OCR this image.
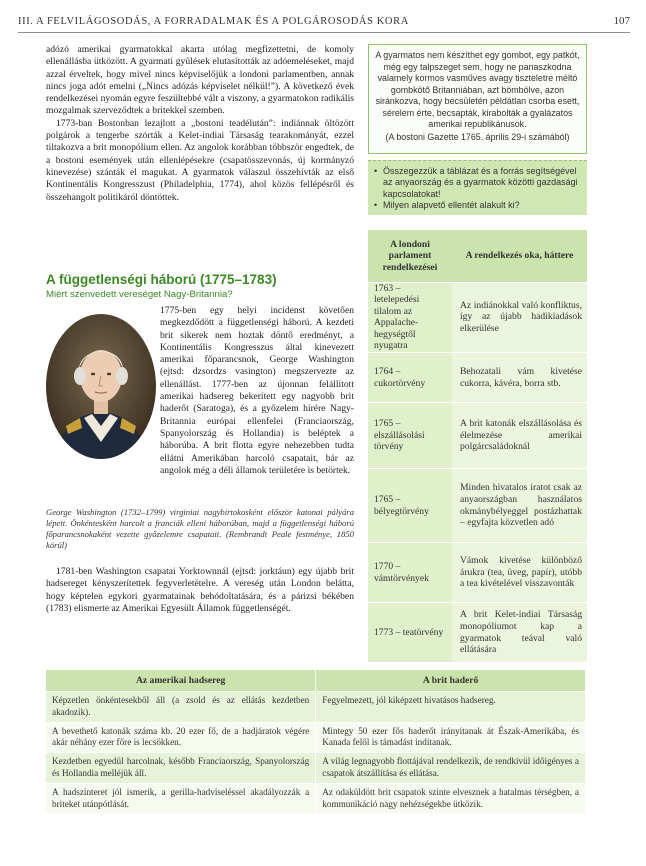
III. A FELVILÁGOSODÁS, A FORRADALMAK ÉS A POLGÁROSODÁS KORA	107

adózó amerikai gyarmatokkal akarta utólag megfizettetni, de komoly ellenállásba ütközött. A gyarmati gyűlések elutasították az adóemeléseket, majd azzal érveltek, hogy mivel nincs képviselőjük a londoni parlamentben, annak nincs joga adót emelni („Nincs adózás képviselet nélkül!”). A következő évek rendelkezései nyomán egyre feszültebbé vált a viszony, a gyarmatokon radikális mozgalmak szerveződtek a britekkel szemben.

1773-ban Bostonban lezajlott a „bostoni teadélután”: indiánnak öltözött polgárok a tengerbe szórták a Kelet-indiai Társaság tearakományát, ezzel tiltakozva a brit monopólium ellen. Az angolok korábban többször engedtek, de a bostoni események után ellenlépésekre (csapatösszevonás, új kormányzó kinevezése) szánták el magukat. A gyarmatok válaszul összehívták az első Kontinentális Kongresszust (Philadelphia, 1774), ahol közös fellépésről és összehangolt politikáról döntöttek.

A gyarmatos nem készíthet egy gombot, egy patkót, még egy talpszeget sem, hogy ne panaszkodna valamely kormos vasműves avagy tiszteletre méltó gombkötő Britanniában, azt bömbölve, azon siránkozva, hogy becsületén példátlan csorba esett, sérelem érte, becsapták, kirabolták a gyalázatos amerikai republikánusok.
(A bostoni Gazette 1765. április 29-i számából)
• Összegezzük a táblázat és a forrás segítségével az anyaország és a gyarmatok közötti gazdasági kapcsolatokat!
• Milyen alapvető ellentét alakult ki?
A londoni parlament rendelkezései	A rendelkezés oka, háttere
1763 – letelepedési tilalom az Appalache-hegységtől nyugatra	Az indiánokkal való konfliktus, így az újabb hadikiadások elkerülése
1764 – cukortörvény	Behozatali vám kivetése cukorra, kávéra, borra stb.
1765 – elszállásolási törvény	A brit katonák elszállásolása és élelmezése amerikai polgárcsaládoknál
1765 – bélyegtörvény	Minden hivatalos iratot csak az anyaországban használatos okmánybélyeggel postázhattak – egyfajta közvetlen adó
1770 – vámtörvények	Vámok kivetése különböző árukra (tea, üveg, papír), utóbb a tea kivételével visszavonták
1773 – teatörvény	A brit Kelet-indiai Társaság monopóliumot kap a gyarmatok teával való ellátására
A függetlenségi háború (1775–1783)
Miért szenvedett vereséget Nagy-Britannia?

1775-ben egy helyi incidenst követően megkezdődött a függetlenségi háború. A kezdeti brit sikerek nem hoztak döntő eredményt, a Kontinentális Kongresszus által kinevezett amerikai főparancsnok, George Washington (ejtsd: dzsordzs vasington) megszervezte az ellenállást. 1777-ben az újonnan felállított amerikai hadsereg bekerített egy nagyobb brit haderőt (Saratoga), és a győzelem hírére Nagy-Britannia európai ellenfelei (Franciaország, Spanyolország és Hollandia) is beléptek a háborúba. A brit flotta egyre nehezebben tudta ellátni Amerikában harcoló csapatait, bár az angolok még a déli államok területére is betörtek.

George Washington (1732–1799) virginiai nagybirtokosként először katonai pályára lépett. Önkéntesként harcolt a franciák elleni háborúban, majd a függetlenségi háború főparancsnokaként vezette győzelemre csapatait. (Rembrandt Peale festménye, 1850 körül)

1781-ben Washington csapatai Yorktownnál (ejtsd: jorktáun) egy újabb brit hadsereget kényszerítettek fegyverletételre. A vereség után London belátta, hogy képtelen egykori gyarmatainak behódoltatására, és a párizsi békében (1783) elismerte az Amerikai Egyesült Államok függetlenségét.

Az amerikai hadsereg	A brit haderő
Képzetlen önkéntesekből áll (a zsold és az ellátás kezdetben akadozik).	Fegyelmezett, jól kiképzett hivatásos hadsereg.
A bevethető katonák száma kb. 20 ezer fő, de a hadjáratok végére akár néhány ezer főre is lecsökken.	Mintegy 50 ezer fős haderőt irányítanak át Észak-Amerikába, és Kanada felől is támadást indítanak.
Kezdetben egyedül harcolnak, később Franciaország, Spanyolország és Hollandia melléjük áll.	A világ legnagyobb flottájával rendelkezik, de rendkívül időigényes a csapatok átszállítása és ellátása.
A hadszínteret jól ismerik, a gerilla-hadviseléssel akadályozzák a briteket utánpótlását.	Az odaküldött brit csapatok szinte elvesznek a hatalmas térségben, a kommunikáció nagy nehézségekbe ütközik.
